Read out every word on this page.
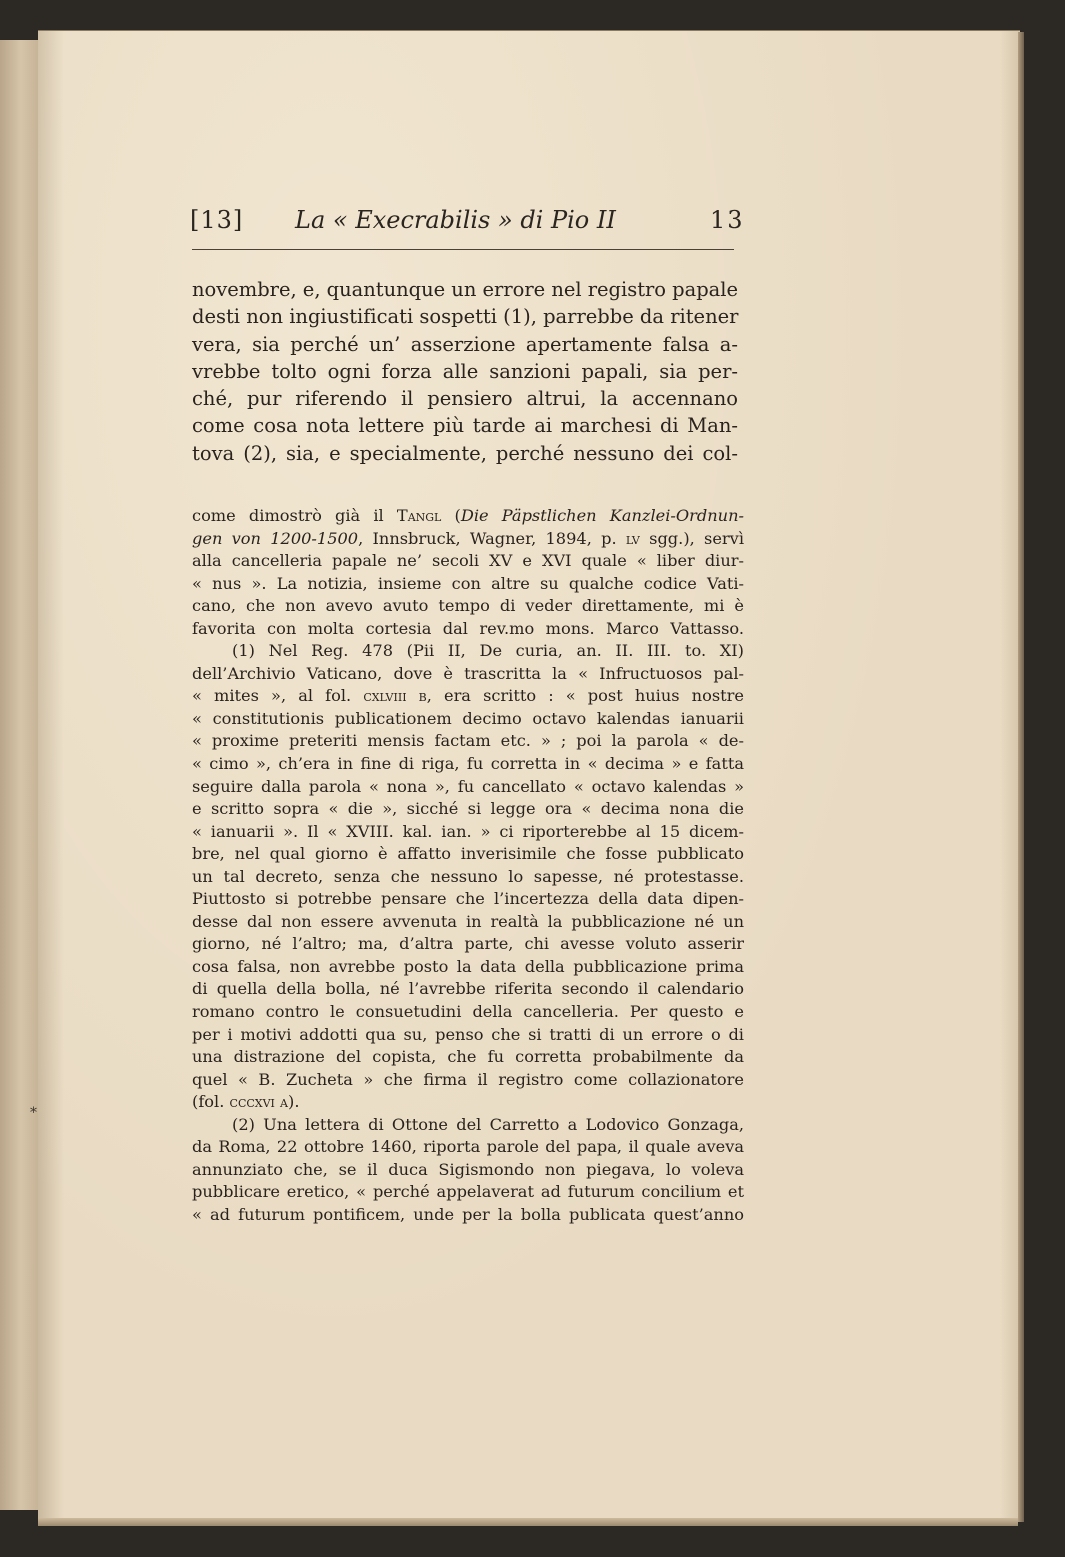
[13] La « Execrabilis » di Pio II	13
novembre, e, quantunque un errore nel registro papale
desti non ingiustificati sospetti (1), parrebbe da ritener
vera, sia perché un’ asserzione apertamente falsa a-
vrebbe tolto ogni forza alle sanzioni papali, sia per-
ché, pur riferendo il pensiero altrui, la accennano
come cosa nota lettere più tarde ai marchesi di Man-
tova (2), sia, e specialmente, perché nessuno dei col-
come dimostrò già il Tangl (Die Päpstlichen Kanzlei-Ordnun-
gen von 1200-1500, Innsbruck, Wagner, 1894, p. lv sgg.), servì
alla cancelleria papale ne’ secoli XV e XVI quale « liber diur-
« nus ». La notizia, insieme con altre su qualche codice Vati-
cano, che non avevo avuto tempo di veder direttamente, mi è
favorita con molta cortesia dal rev.mo mons. Marco Vattasso.
(1) Nel Reg. 478 (Pii II, De curia, an. II. III. to. XI)
dell’Archivio Vaticano, dove è trascritta la « Infructuosos pal-
« mites », al fol. cxlviii b, era scritto : « post huius nostre
« constitutionis publicationem decimo octavo kalendas ianuarii
« proxime preteriti mensis factam etc. » ; poi la parola « de-
« cimo », ch’era in fine di riga, fu corretta in « decima » e fatta
seguire dalla parola « nona », fu cancellato « octavo kalendas »
e scritto sopra « die », sicché si legge ora « decima nona die
« ianuarii ». Il « XVIII. kal. ian. » ci riporterebbe al 15 dicem-
bre, nel qual giorno è affatto inverisimile che fosse pubblicato
un tal decreto, senza che nessuno lo sapesse, né protestasse.
Piuttosto si potrebbe pensare che l’incertezza della data dipen-
desse dal non essere avvenuta in realtà la pubblicazione né un
giorno, né l’altro; ma, d’altra parte, chi avesse voluto asserir
cosa falsa, non avrebbe posto la data della pubblicazione prima
di quella della bolla, né l’avrebbe riferita secondo il calendario
romano contro le consuetudini della cancelleria. Per questo e
per i motivi addotti qua su, penso che si tratti di un errore o di
una distrazione del copista, che fu corretta probabilmente da
quel « B. Zucheta » che firma il registro come collazionatore
(fol. cccxvi a).
(2) Una lettera di Ottone del Carretto a Lodovico Gonzaga,
da Roma, 22 ottobre 1460, riporta parole del papa, il quale aveva
annunziato che, se il duca Sigismondo non piegava, lo voleva
pubblicare eretico, « perché appelaverat ad futurum concilium et
« ad futurum pontificem, unde per la bolla publicata quest’anno
*
